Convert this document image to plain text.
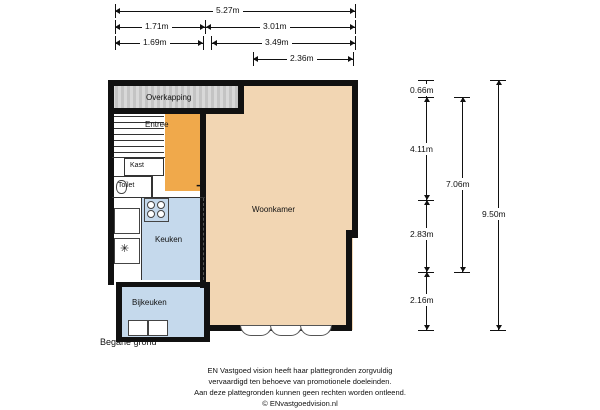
5.27m
1.71m	3.01m
1.69m	3.49m
2.36m
0.66m
4.11m
2.83m
2.16m
7.06m
9.50m
✳
✛
Overkapping
Entree
Kast
Toilet
Keuken
Bijkeuken
Woonkamer
Begane grond
EN Vastgoed vision heeft haar plattegronden zorgvuldig
vervaardigd ten behoeve van promotionele doeleinden.
Aan deze plattegronden kunnen geen rechten worden ontleend.
© ENvastgoedvision.nl
